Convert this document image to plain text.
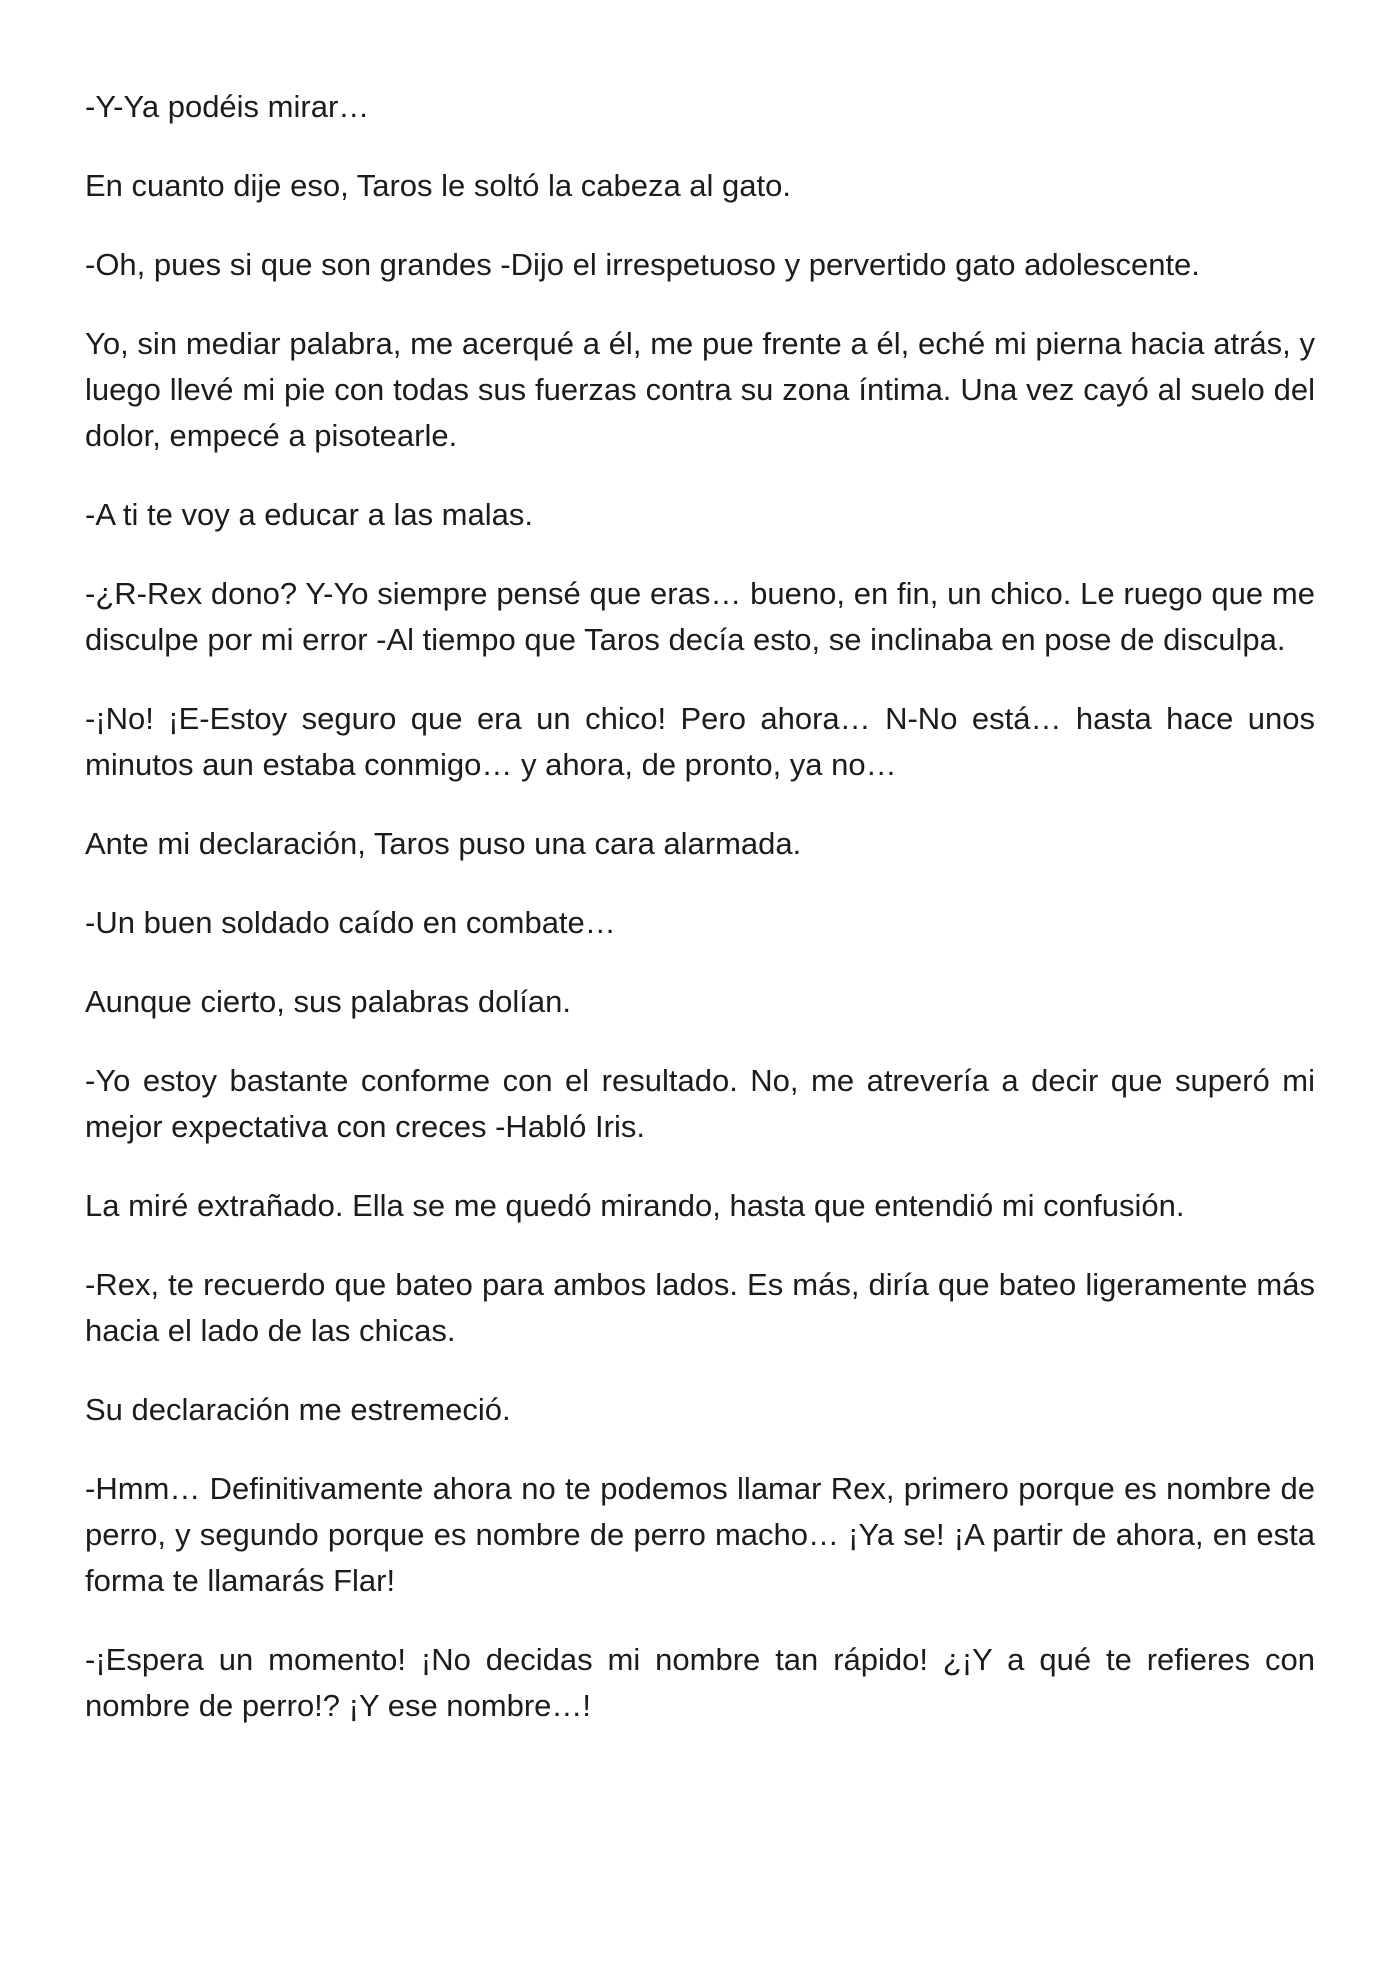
-Y-Ya podéis mirar…

En cuanto dije eso, Taros le soltó la cabeza al gato.

-Oh, pues si que son grandes -Dijo el irrespetuoso y pervertido gato adolescente.

Yo, sin mediar palabra, me acerqué a él, me pue frente a él, eché mi pierna hacia atrás, y luego llevé mi pie con todas sus fuerzas contra su zona íntima. Una vez cayó al suelo del dolor, empecé a pisotearle.

-A ti te voy a educar a las malas.

-¿R-Rex dono? Y-Yo siempre pensé que eras… bueno, en fin, un chico. Le ruego que me disculpe por mi error -Al tiempo que Taros decía esto, se inclinaba en pose de disculpa.

-¡No! ¡E-Estoy seguro que era un chico! Pero ahora… N-No está… hasta hace unos minutos aun estaba conmigo… y ahora, de pronto, ya no…

Ante mi declaración, Taros puso una cara alarmada.

-Un buen soldado caído en combate…

Aunque cierto, sus palabras dolían.

-Yo estoy bastante conforme con el resultado. No, me atrevería a decir que superó mi mejor expectativa con creces -Habló Iris.

La miré extrañado. Ella se me quedó mirando, hasta que entendió mi confusión.

-Rex, te recuerdo que bateo para ambos lados. Es más, diría que bateo ligeramente más hacia el lado de las chicas.

Su declaración me estremeció.

-Hmm… Definitivamente ahora no te podemos llamar Rex, primero porque es nombre de perro, y segundo porque es nombre de perro macho… ¡Ya se! ¡A partir de ahora, en esta forma te llamarás Flar!

-¡Espera un momento! ¡No decidas mi nombre tan rápido! ¿¡Y a qué te refieres con nombre de perro!? ¡Y ese nombre…!
